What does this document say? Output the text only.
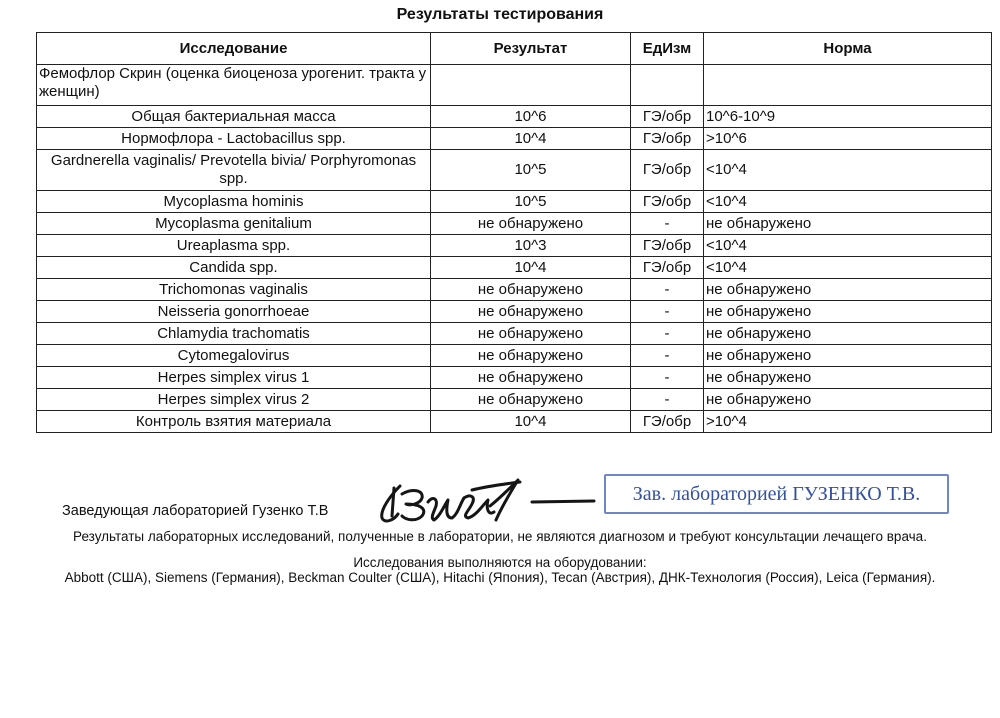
Результаты тестирования
Исследование	Результат	ЕдИзм	Норма
Фемофлор Скрин (оценка биоценоза урогенит. тракта у женщин)			
Общая бактериальная масса	10^6	ГЭ/обр	10^6-10^9
Нормофлора - Lactobacillus spp.	10^4	ГЭ/обр	>10^6
Gardnerella vaginalis/ Prevotella bivia/ Porphyromonas spp.	10^5	ГЭ/обр	<10^4
Mycoplasma hominis	10^5	ГЭ/обр	<10^4
Mycoplasma genitalium	не обнаружено	-	не обнаружено
Ureaplasma spp.	10^3	ГЭ/обр	<10^4
Candida spp.	10^4	ГЭ/обр	<10^4
Trichomonas vaginalis	не обнаружено	-	не обнаружено
Neisseria gonorrhoeae	не обнаружено	-	не обнаружено
Chlamydia trachomatis	не обнаружено	-	не обнаружено
Cytomegalovirus	не обнаружено	-	не обнаружено
Herpes simplex virus 1	не обнаружено	-	не обнаружено
Herpes simplex virus 2	не обнаружено	-	не обнаружено
Контроль взятия материала	10^4	ГЭ/обр	>10^4
Заведующая лабораторией Гузенко Т.В
Зав. лабораторией ГУЗЕНКО Т.В.
Результаты лабораторных исследований, полученные в лаборатории, не являются диагнозом и требуют консультации лечащего врача.
Исследования выполняются на оборудовании:
Abbott (США), Siemens (Германия), Beckman Coulter (США), Hitachi (Япония), Tecan (Австрия), ДНК-Технология (Россия), Leica (Германия).
